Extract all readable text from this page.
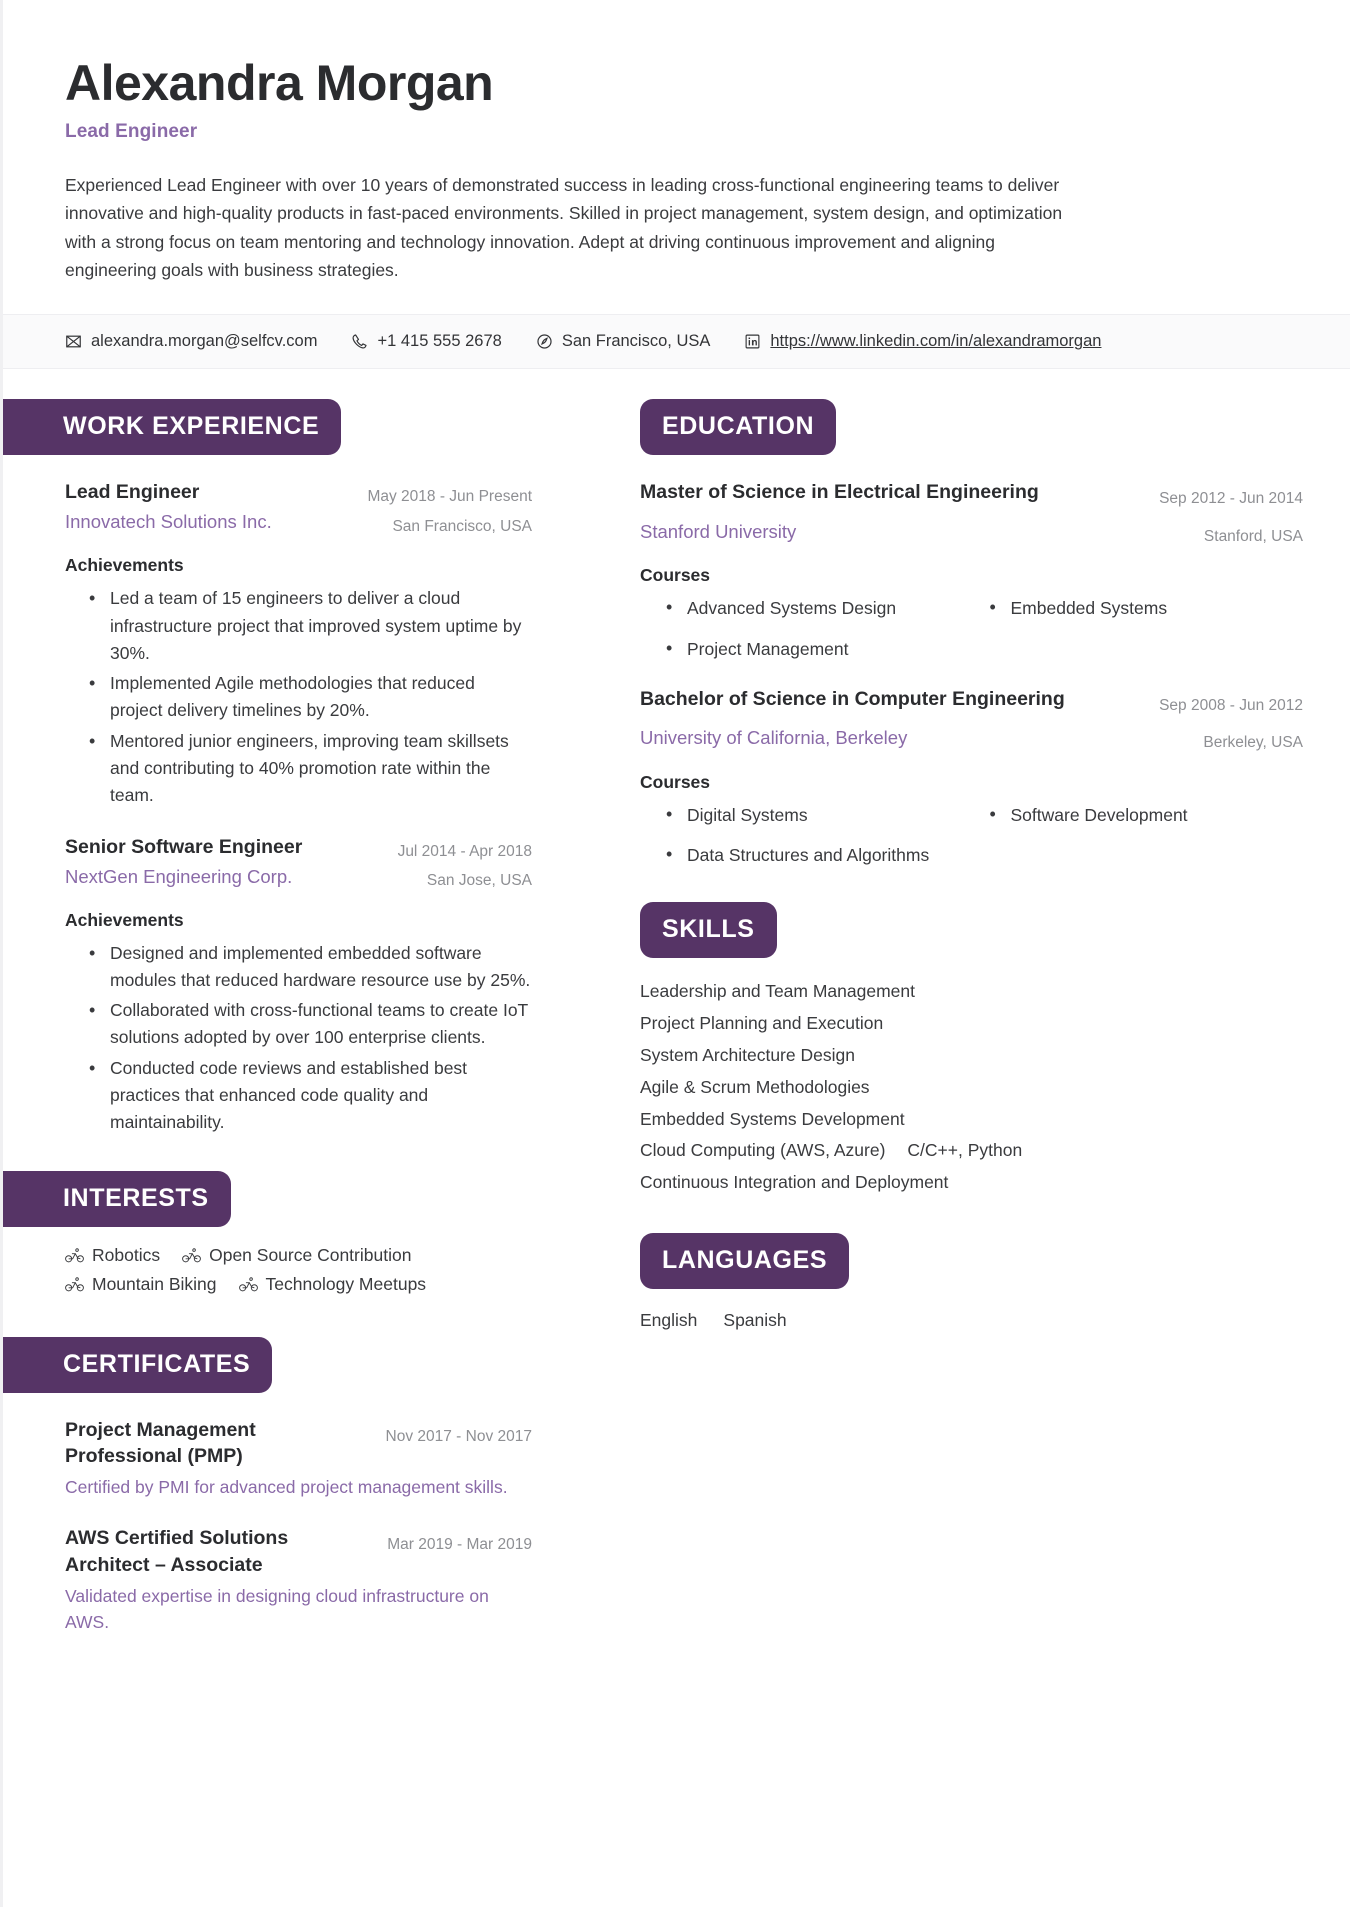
Alexandra Morgan
Lead Engineer

Experienced Lead Engineer with over 10 years of demonstrated success in leading cross-functional engineering teams to deliver innovative and high-quality products in fast-paced environments. Skilled in project management, system design, and optimization with a strong focus on team mentoring and technology innovation. Adept at driving continuous improvement and aligning engineering goals with business strategies.

alexandra.morgan@selfcv.com	+1 415 555 2678	San Francisco, USA	https://www.linkedin.com/in/alexandramorgan
WORK EXPERIENCE
Lead Engineer
Innovatech Solutions Inc.
May 2018 - Jun Present
San Francisco, USA
Achievements
• Led a team of 15 engineers to deliver a cloud infrastructure project that improved system uptime by 30%.
• Implemented Agile methodologies that reduced project delivery timelines by 20%.
• Mentored junior engineers, improving team skillsets and contributing to 40% promotion rate within the team.
Senior Software Engineer
NextGen Engineering Corp.
Jul 2014 - Apr 2018
San Jose, USA
Achievements
• Designed and implemented embedded software modules that reduced hardware resource use by 25%.
• Collaborated with cross-functional teams to create IoT solutions adopted by over 100 enterprise clients.
• Conducted code reviews and established best practices that enhanced code quality and maintainability.
INTERESTS
Robotics	Open Source Contribution
Mountain Biking	Technology Meetups
CERTIFICATES
Project Management Professional (PMP)
Nov 2017 - Nov 2017
Certified by PMI for advanced project management skills.
AWS Certified Solutions Architect – Associate
Mar 2019 - Mar 2019
Validated expertise in designing cloud infrastructure on AWS.
EDUCATION
Master of Science in Electrical Engineering	Sep 2012 - Jun 2014
Stanford University	Stanford, USA
Courses
• Advanced Systems Design	• Embedded Systems
• Project Management
Bachelor of Science in Computer Engineering	Sep 2008 - Jun 2012
University of California, Berkeley	Berkeley, USA
Courses
• Digital Systems	• Software Development
• Data Structures and Algorithms
SKILLS
Leadership and Team Management Project Planning and Execution System Architecture Design Agile & Scrum Methodologies Embedded Systems Development Cloud Computing (AWS, Azure) C/C++, Python Continuous Integration and Deployment
LANGUAGES
English Spanish
